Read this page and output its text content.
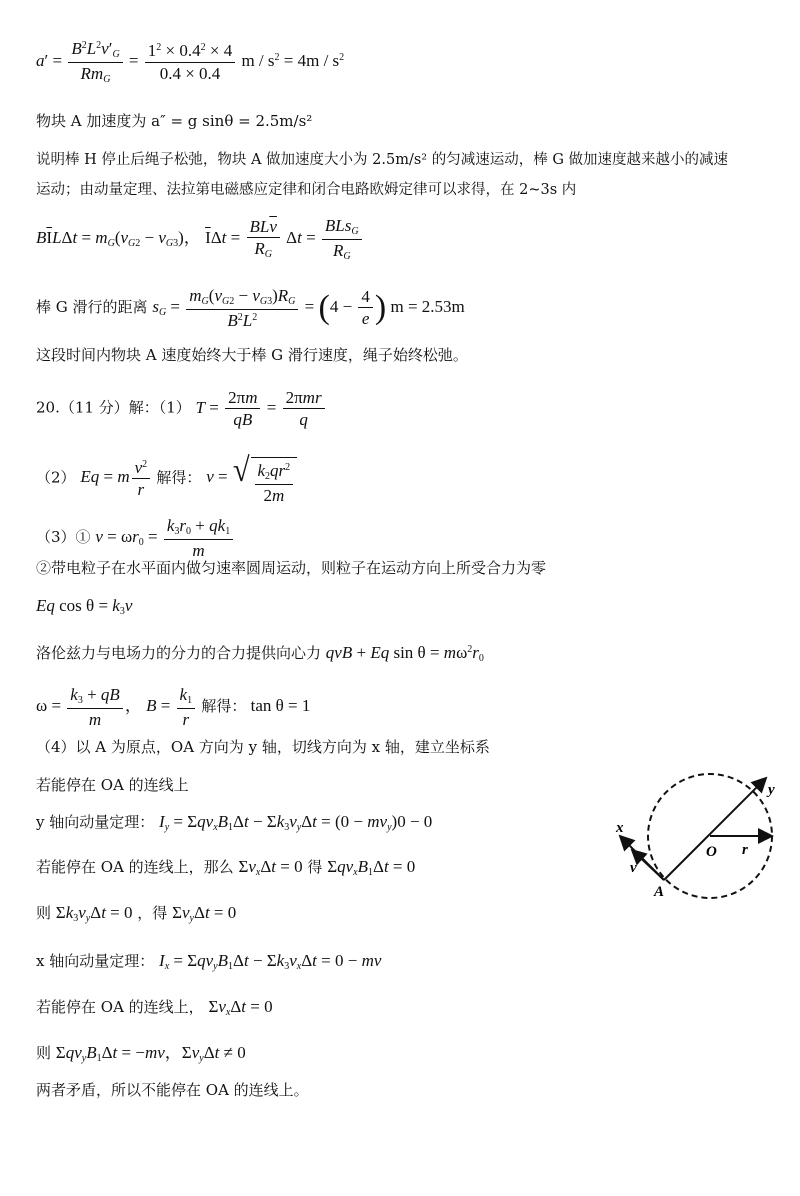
$a' = \frac{B^2L^2v'_G}{Rm_G} = \frac{1^2 \times 0.4^2 \times 4}{0.4 \times 0.4}$ $m / s^2 = 4m / s^2$
物块 A 加速度为 a″ = g sinθ = 2.5m/s²
说明棒 H 停止后绳子松弛，物块 A 做加速度大小为 2.5m/s² 的匀减速运动，棒 G 做加速度越来越小的减速
运动；由动量定理、法拉第电磁感应定律和闭合电路欧姆定律可以求得，在 2~3s 内
$B\overline{I}L\Delta t = m_G(v_{G2} - v_{G3})$， $\overline{I}\Delta t = \frac{BL\overline{v}}{R_G}$ $\Delta t = \frac{BLs_G}{R_G}$
棒 G 滑行的距离 $s_G = \frac{m_G(v_{G2} - v_{G3})R_G}{B^2L^2} = (4 - \frac{4}{e}$ ) m = 2.53m
这段时间内物块 A 速度始终大于棒 G 滑行速度，绳子始终松弛。
20.（11 分）解：（1） $T = \frac{2\pi m}{qB} = \frac{\text{2πmr}}{q}$
（2） Eq = m $\frac{v^2}{r}$ 解得： v = √ $\frac{k_2qr^2}{2m}$
（3）① $v = \omega r_0 = \frac{k_3r_0 + qk_1}{m}$
②带电粒子在水平面内做匀速率圆周运动，则粒子在运动方向上所受合力为零
Eq $\cos \theta = k_3v$
洛伦兹力与电场力的分力的合力提供向心力 qvB + Eq $\sin \theta = m\omega^2r_0$
$\omega = \frac{k_3 + qB}{m}$ ， $B = \frac{k_1}{r}$ 解得： tan θ = 1
（4）以 A 为原点，OA 方向为 y 轴，切线方向为 x 轴，建立坐标系
若能停在 OA 的连线上
y 轴向动量定理： $I_y = \Sigma qv_xB_1\Delta t - \Sigma k_3v_y\Delta t = (0 - mv_y)0 - 0$
若能停在 OA 的连线上，那么 $\Sigma v_x\Delta t = 0$ 得 $\Sigma qv_xB_1\Delta t = 0$
则 $\Sigma k_3v_y\Delta t = 0$ ，得 $\Sigma v_y\Delta t = 0$
x 轴向动量定理： $I_x = \Sigma qv_yB_1\Delta t - \Sigma k_3v_x\Delta t = 0$ − mv
若能停在 OA 的连线上， $\Sigma v_x\Delta t = 0$
则 $\Sigma qv_yB_1\Delta t = -mv$，$\Sigma v_y\Delta t \ne 0$
两者矛盾，所以不能停在 OA 的连线上。
y
x
v
O r
A
